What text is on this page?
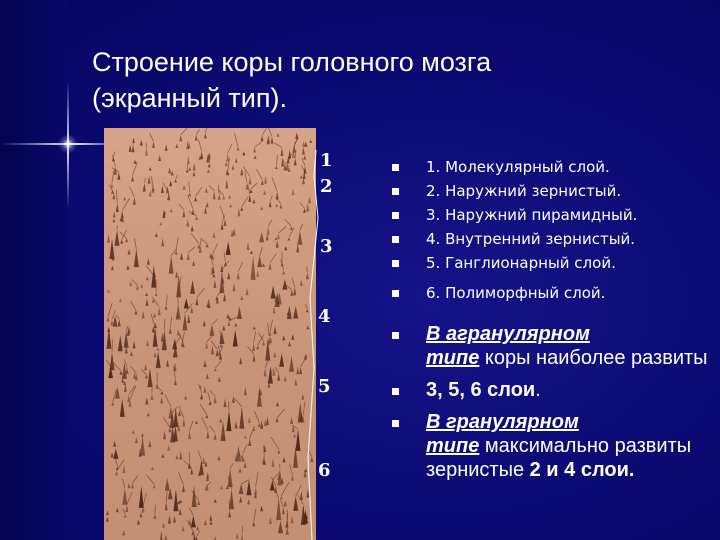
Строение коры головного мозга
(экранный тип).
1
2
3
4
5
6
1. Молекулярный слой.
2. Наружний зернистый.
3. Наружний пирамидный.
4. Внутренний зернистый.
5. Ганглионарный слой.
6. Полиморфный слой.
В агранулярном
типе коры наиболее развиты
3, 5, 6 слои.
В гранулярном
типе максимально развиты зернистые 2 и 4 слои.
